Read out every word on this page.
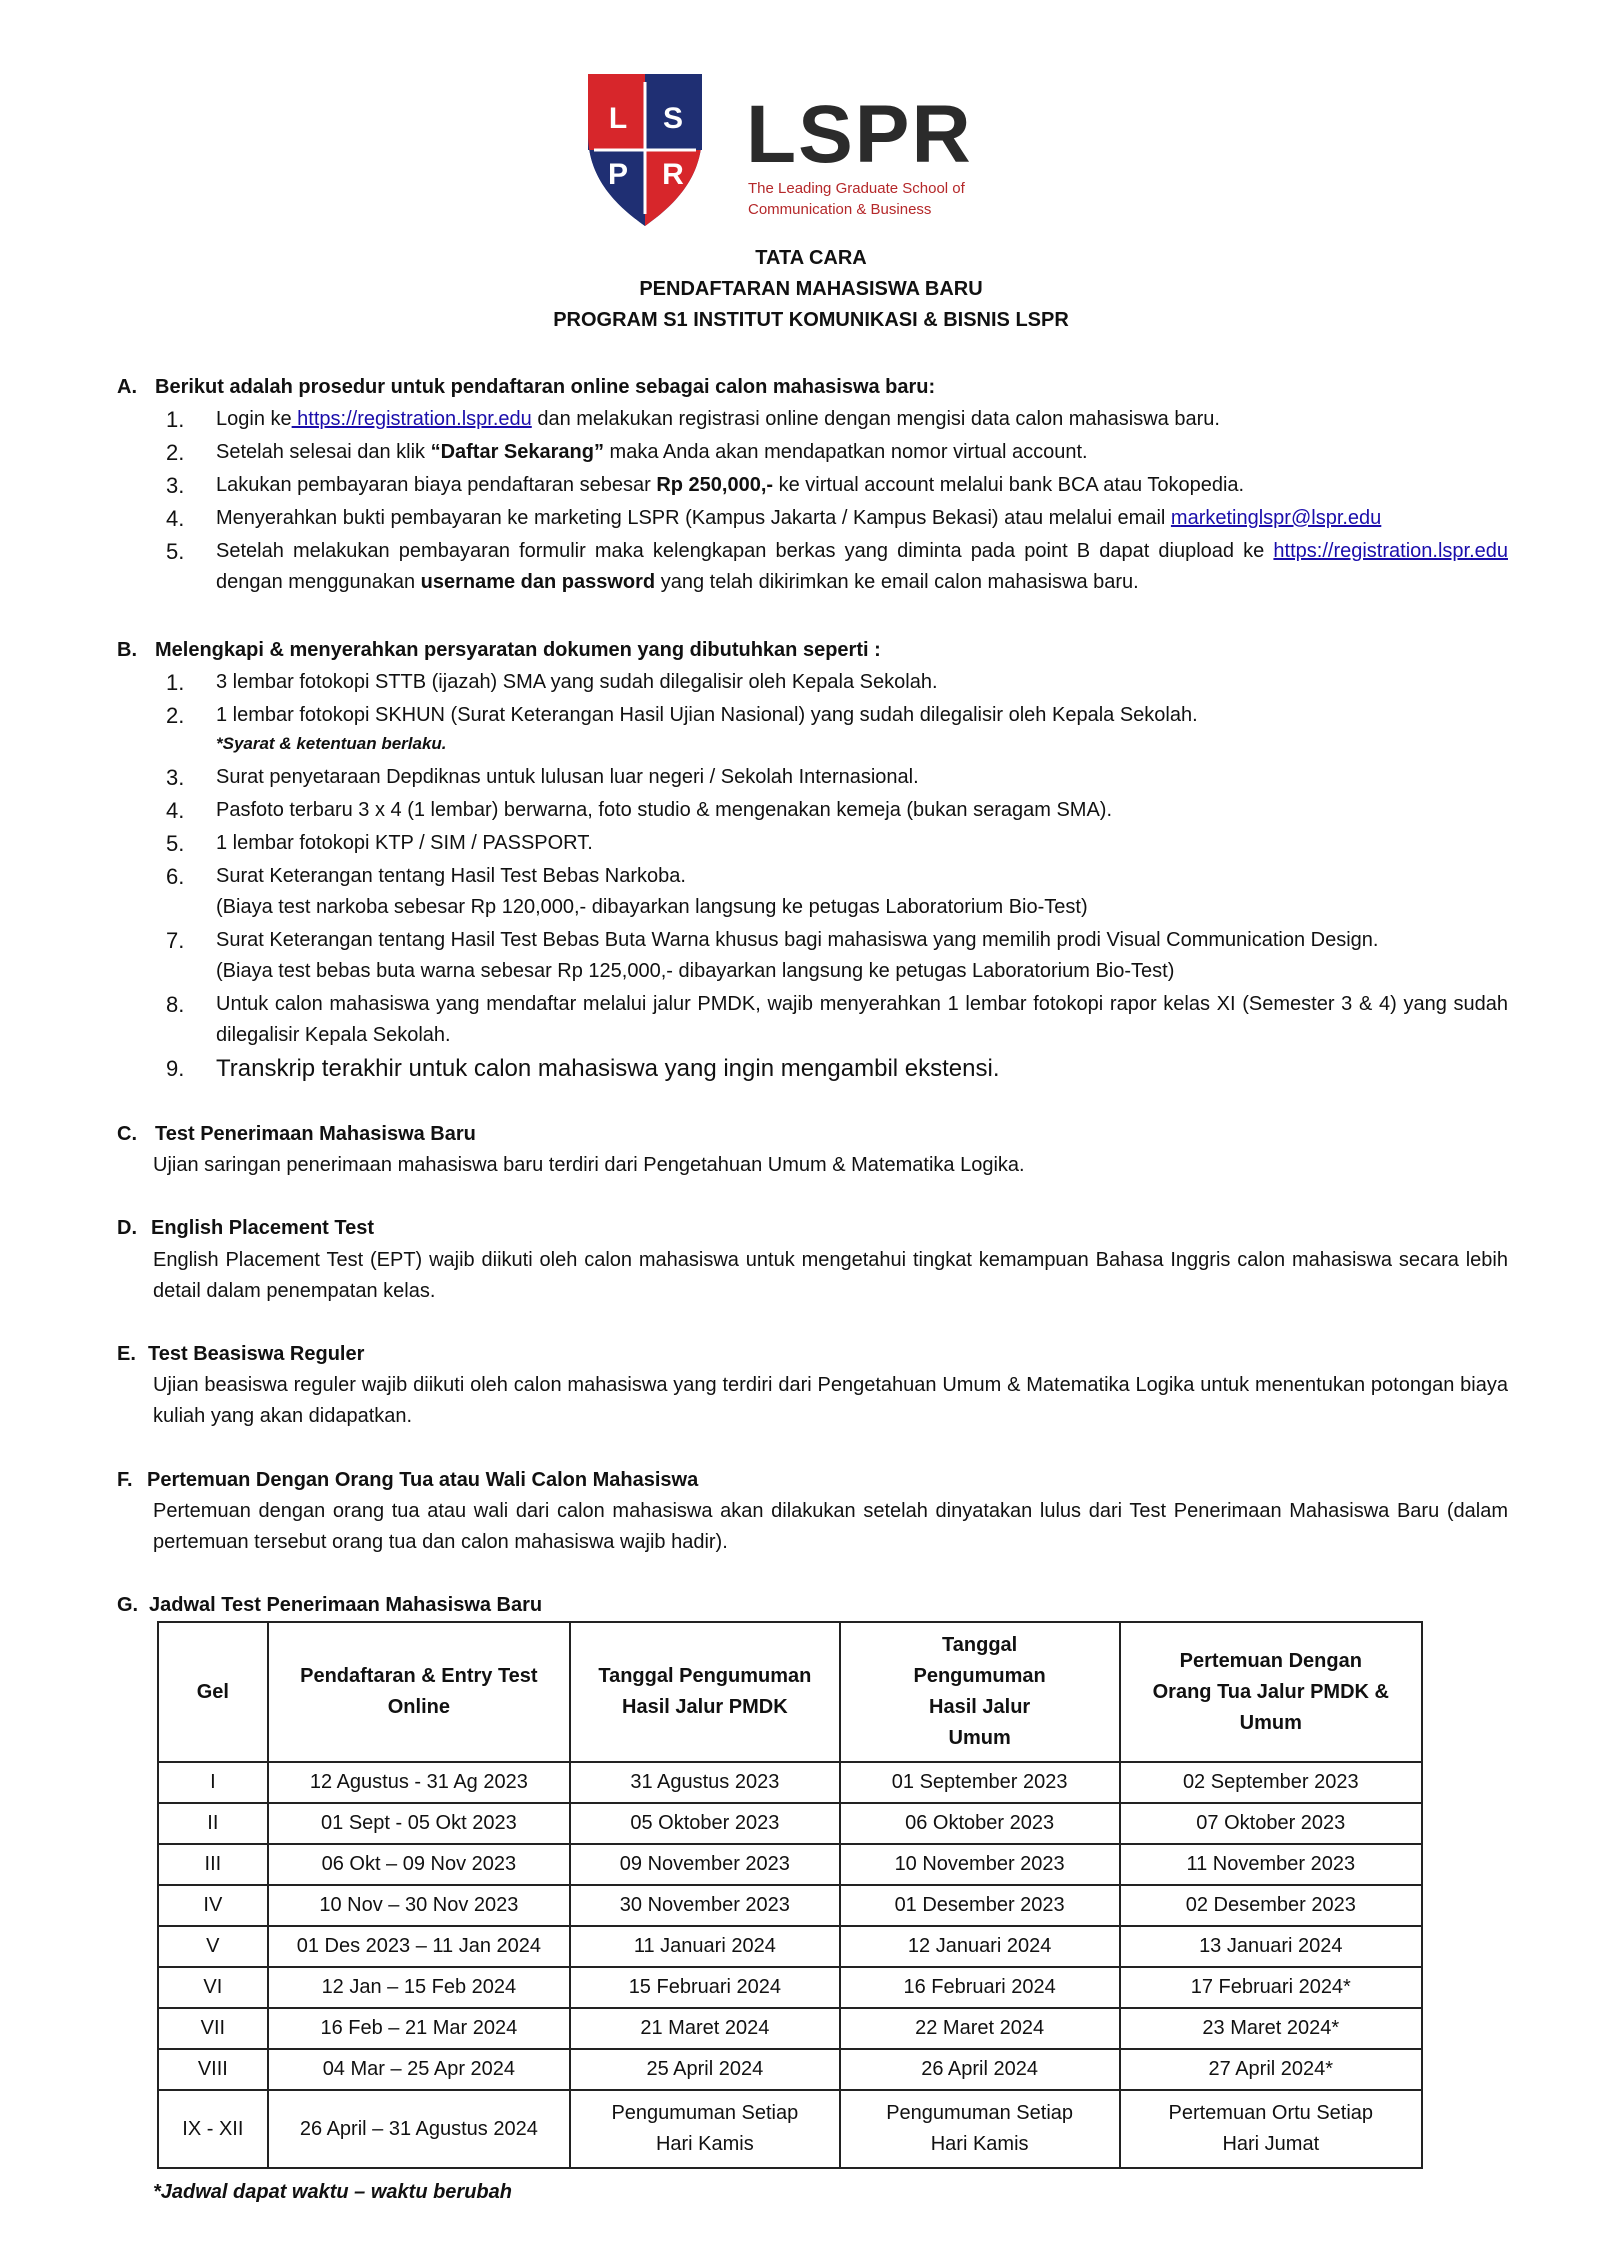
L S
P R LSPR
The Leading Graduate School of
Communication & Business
TATA CARA
PENDAFTARAN MAHASISWA BARU
PROGRAM S1 INSTITUT KOMUNIKASI & BISNIS LSPR
A. Berikut adalah prosedur untuk pendaftaran online sebagai calon mahasiswa baru:
1.	Login ke https://registration.lspr.edu dan melakukan registrasi online dengan mengisi data calon mahasiswa baru.
2.	Setelah selesai dan klik “Daftar Sekarang” maka Anda akan mendapatkan nomor virtual account.
3.	Lakukan pembayaran biaya pendaftaran sebesar Rp 250,000,- ke virtual account melalui bank BCA atau Tokopedia.
4.	Menyerahkan bukti pembayaran ke marketing LSPR (Kampus Jakarta / Kampus Bekasi) atau melalui email marketinglspr@lspr.edu
5.	Setelah melakukan pembayaran formulir maka kelengkapan berkas yang diminta pada point B dapat diupload ke https://registration.lspr.edu dengan menggunakan username dan password yang telah dikirimkan ke email calon mahasiswa baru.
B. Melengkapi & menyerahkan persyaratan dokumen yang dibutuhkan seperti :
1.	3 lembar fotokopi STTB (ijazah) SMA yang sudah dilegalisir oleh Kepala Sekolah.
2.	1 lembar fotokopi SKHUN (Surat Keterangan Hasil Ujian Nasional) yang sudah dilegalisir oleh Kepala Sekolah.
*Syarat & ketentuan berlaku.
3.	Surat penyetaraan Depdiknas untuk lulusan luar negeri / Sekolah Internasional.
4.	Pasfoto terbaru 3 x 4 (1 lembar) berwarna, foto studio & mengenakan kemeja (bukan seragam SMA).
5.	1 lembar fotokopi KTP / SIM / PASSPORT.
6.	Surat Keterangan tentang Hasil Test Bebas Narkoba.
(Biaya test narkoba sebesar Rp 120,000,- dibayarkan langsung ke petugas Laboratorium Bio-Test)
7.	Surat Keterangan tentang Hasil Test Bebas Buta Warna khusus bagi mahasiswa yang memilih prodi Visual Communication Design.
(Biaya test bebas buta warna sebesar Rp 125,000,- dibayarkan langsung ke petugas Laboratorium Bio-Test)
8.	Untuk calon mahasiswa yang mendaftar melalui jalur PMDK, wajib menyerahkan 1 lembar fotokopi rapor kelas XI (Semester 3 & 4) yang sudah dilegalisir Kepala Sekolah.
9.	Transkrip terakhir untuk calon mahasiswa yang ingin mengambil ekstensi.
C. Test Penerimaan Mahasiswa Baru
Ujian saringan penerimaan mahasiswa baru terdiri dari Pengetahuan Umum & Matematika Logika.
D. English Placement Test
English Placement Test (EPT) wajib diikuti oleh calon mahasiswa untuk mengetahui tingkat kemampuan Bahasa Inggris calon mahasiswa secara lebih detail dalam penempatan kelas.
E. Test Beasiswa Reguler
Ujian beasiswa reguler wajib diikuti oleh calon mahasiswa yang terdiri dari Pengetahuan Umum & Matematika Logika untuk menentukan potongan biaya kuliah yang akan didapatkan.
F. Pertemuan Dengan Orang Tua atau Wali Calon Mahasiswa
Pertemuan dengan orang tua atau wali dari calon mahasiswa akan dilakukan setelah dinyatakan lulus dari Test Penerimaan Mahasiswa Baru (dalam pertemuan tersebut orang tua dan calon mahasiswa wajib hadir).
G. Jadwal Test Penerimaan Mahasiswa Baru
Gel	Pendaftaran & Entry Test Online	Tanggal Pengumuman Hasil Jalur PMDK	Tanggal Pengumuman Hasil Jalur Umum	Pertemuan Dengan Orang Tua Jalur PMDK & Umum
I	12 Agustus - 31 Ag 2023	31 Agustus 2023	01 September 2023	02 September 2023
II	01 Sept - 05 Okt 2023	05 Oktober 2023	06 Oktober 2023	07 Oktober 2023
III	06 Okt – 09 Nov 2023	09 November 2023	10 November 2023	11 November 2023
IV	10 Nov – 30 Nov 2023	30 November 2023	01 Desember 2023	02 Desember 2023
V	01 Des 2023 – 11 Jan 2024	11 Januari 2024	12 Januari 2024	13 Januari 2024
VI	12 Jan – 15 Feb 2024	15 Februari 2024	16 Februari 2024	17 Februari 2024*
VII	16 Feb – 21 Mar 2024	21 Maret 2024	22 Maret 2024	23 Maret 2024*
VIII	04 Mar – 25 Apr 2024	25 April 2024	26 April 2024	27 April 2024*
IX - XII	26 April – 31 Agustus 2024	Pengumuman Setiap Hari Kamis	Pengumuman Setiap Hari Kamis	Pertemuan Ortu Setiap Hari Jumat
*Jadwal dapat waktu – waktu berubah
